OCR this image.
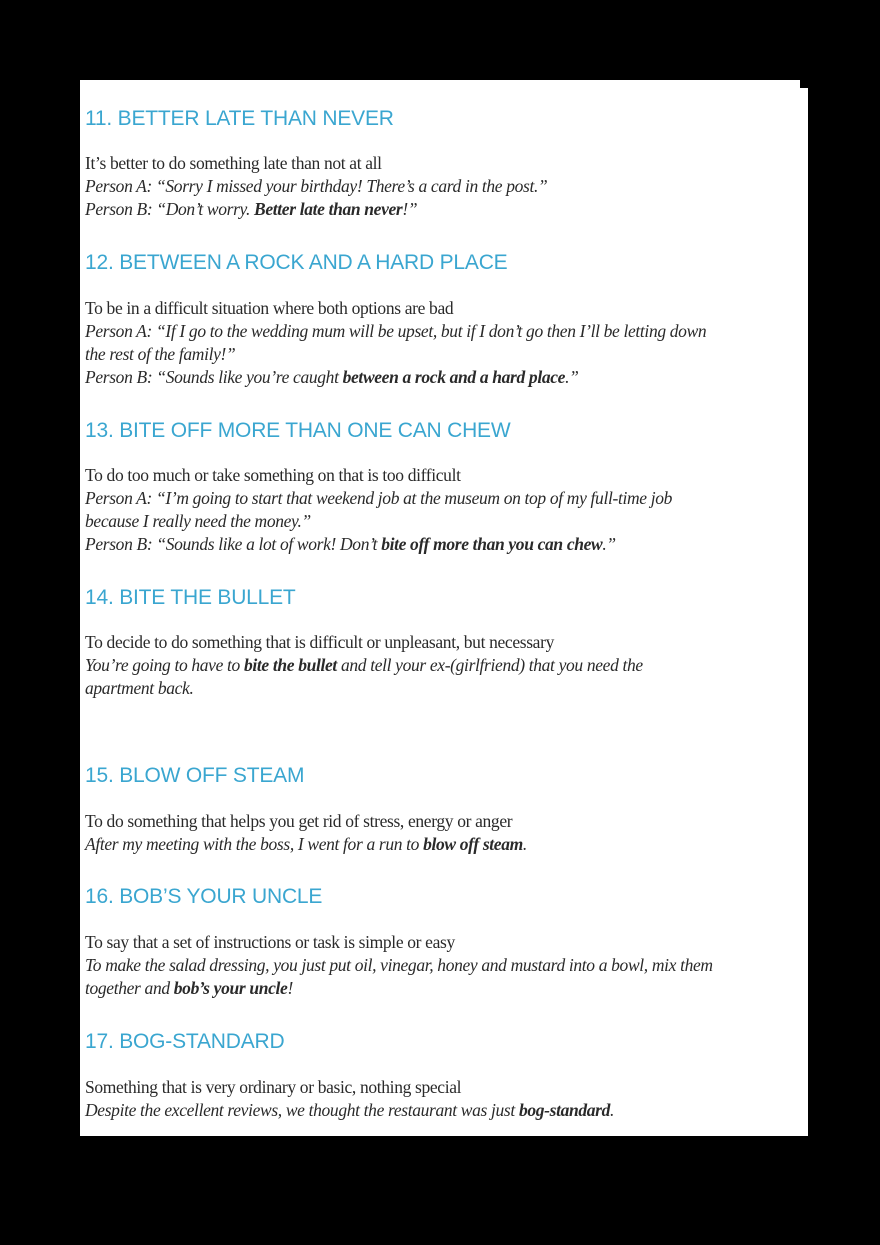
11. BETTER LATE THAN NEVER
It’s better to do something late than not at all
Person A: “Sorry I missed your birthday! There’s a card in the post.”
Person B: “Don’t worry. Better late than never!”
12. BETWEEN A ROCK AND A HARD PLACE
To be in a difficult situation where both options are bad
Person A: “If I go to the wedding mum will be upset, but if I don’t go then I’ll be letting down
the rest of the family!”
Person B: “Sounds like you’re caught between a rock and a hard place.”
13. BITE OFF MORE THAN ONE CAN CHEW
To do too much or take something on that is too difficult
Person A: “I’m going to start that weekend job at the museum on top of my full-time job
because I really need the money.”
Person B: “Sounds like a lot of work! Don’t bite off more than you can chew.”
14. BITE THE BULLET
To decide to do something that is difficult or unpleasant, but necessary
You’re going to have to bite the bullet and tell your ex-(girlfriend) that you need the
apartment back.
15. BLOW OFF STEAM
To do something that helps you get rid of stress, energy or anger
After my meeting with the boss, I went for a run to blow off steam.
16. BOB’S YOUR UNCLE
To say that a set of instructions or task is simple or easy
To make the salad dressing, you just put oil, vinegar, honey and mustard into a bowl, mix them
together and bob’s your uncle!
17. BOG-STANDARD
Something that is very ordinary or basic, nothing special
Despite the excellent reviews, we thought the restaurant was just bog-standard.
